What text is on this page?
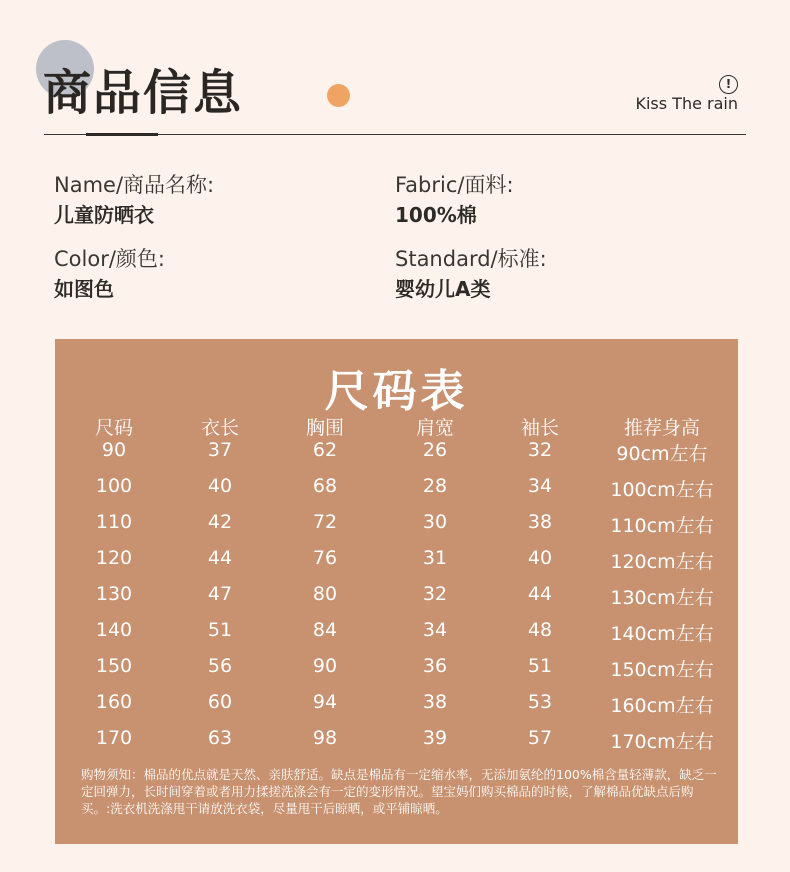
商品信息	!
Kiss The rain
Name/商品名称:
儿童防晒衣
Fabric/面料:
100%棉
Color/颜色:
如图色
Standard/标准:
婴幼儿A类
尺码表
尺码	衣长	胸围	肩宽	袖长	推荐身高
90	37	62	26	32	90cm左右
100	40	68	28	34	100cm左右
110	42	72	30	38	110cm左右
120	44	76	31	40	120cm左右
130	47	80	32	44	130cm左右
140	51	84	34	48	140cm左右
150	56	90	36	51	150cm左右
160	60	94	38	53	160cm左右
170	63	98	39	57	170cm左右
购物须知：棉品的优点就是天然、亲肤舒适。缺点是棉品有一定缩水率，无添加氨纶的100%棉含量轻薄款，缺乏一定回弹力，长时间穿着或者用力揉搓洗涤会有一定的变形情况。望宝妈们购买棉品的时候，了解棉品优缺点后购买。:洗衣机洗涤甩干请放洗衣袋，尽量甩干后晾晒，或平铺晾晒。
